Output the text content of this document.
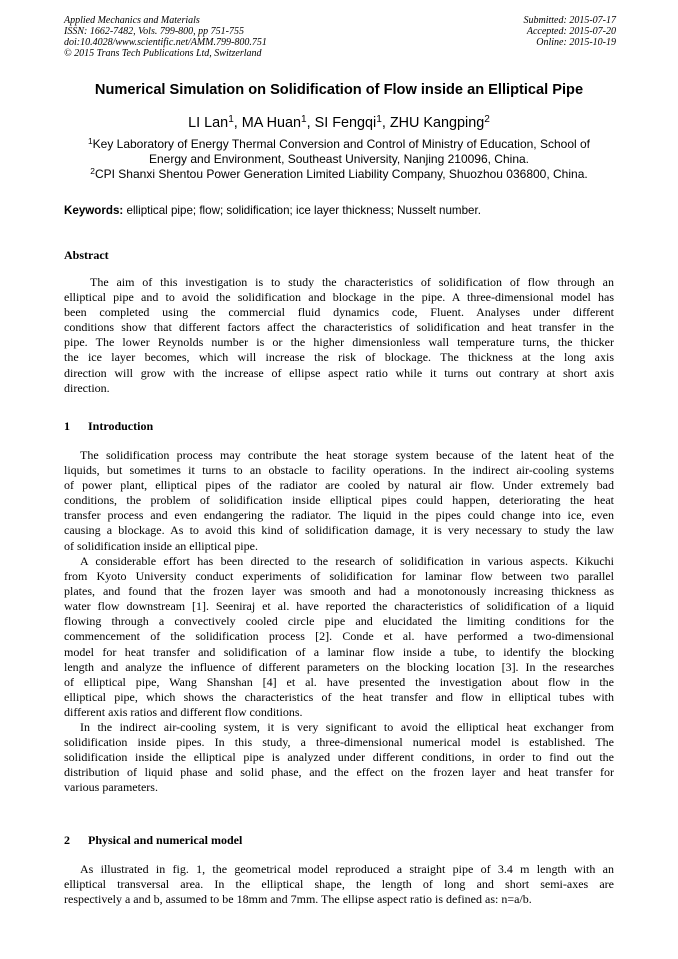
Applied Mechanics and Materials
ISSN: 1662-7482, Vols. 799-800, pp 751-755
doi:10.4028/www.scientific.net/AMM.799-800.751
© 2015 Trans Tech Publications Ltd, Switzerland
Submitted: 2015-07-17
Accepted: 2015-07-20
Online: 2015-10-19
Numerical Simulation on Solidification of Flow inside an Elliptical Pipe
LI Lan$^1$, MA Huan$^1$, SI Fengqi$^1$, ZHU Kangping$^2$
$^1$Key Laboratory of Energy Thermal Conversion and Control of Ministry of Education, School of
Energy and Environment, Southeast University, Nanjing 210096, China.
$^2$CPI Shanxi Shentou Power Generation Limited Liability Company, Shuozhou 036800, China.
Keywords: elliptical pipe; flow; solidification; ice layer thickness; Nusselt number.
Abstract
The aim of this investigation is to study the characteristics of solidification of flow through an
elliptical pipe and to avoid the solidification and blockage in the pipe. A three-dimensional model has
been completed using the commercial fluid dynamics code, Fluent. Analyses under different
conditions show that different factors affect the characteristics of solidification and heat transfer in the
pipe. The lower Reynolds number is or the higher dimensionless wall temperature turns, the thicker
the ice layer becomes, which will increase the risk of blockage. The thickness at the long axis
direction will grow with the increase of ellipse aspect ratio while it turns out contrary at short axis
direction.
1 Introduction
The solidification process may contribute the heat storage system because of the latent heat of the
liquids, but sometimes it turns to an obstacle to facility operations. In the indirect air-cooling systems
of power plant, elliptical pipes of the radiator are cooled by natural air flow. Under extremely bad
conditions, the problem of solidification inside elliptical pipes could happen, deteriorating the heat
transfer process and even endangering the radiator. The liquid in the pipes could change into ice, even
causing a blockage. As to avoid this kind of solidification damage, it is very necessary to study the law
of solidification inside an elliptical pipe.
A considerable effort has been directed to the research of solidification in various aspects. Kikuchi
from Kyoto University conduct experiments of solidification for laminar flow between two parallel
plates, and found that the frozen layer was smooth and had a monotonously increasing thickness as
water flow downstream [1]. Seeniraj et al. have reported the characteristics of solidification of a liquid
flowing through a convectively cooled circle pipe and elucidated the limiting conditions for the
commencement of the solidification process [2]. Conde et al. have performed a two-dimensional
model for heat transfer and solidification of a laminar flow inside a tube, to identify the blocking
length and analyze the influence of different parameters on the blocking location [3]. In the researches
of elliptical pipe, Wang Shanshan [4] et al. have presented the investigation about flow in the
elliptical pipe, which shows the characteristics of the heat transfer and flow in elliptical tubes with
different axis ratios and different flow conditions.
In the indirect air-cooling system, it is very significant to avoid the elliptical heat exchanger from
solidification inside pipes. In this study, a three-dimensional numerical model is established. The
solidification inside the elliptical pipe is analyzed under different conditions, in order to find out the
distribution of liquid phase and solid phase, and the effect on the frozen layer and heat transfer for
various parameters.
2 Physical and numerical model
As illustrated in fig. 1, the geometrical model reproduced a straight pipe of 3.4 m length with an
elliptical transversal area. In the elliptical shape, the length of long and short semi-axes are
respectively a and b, assumed to be 18mm and 7mm. The ellipse aspect ratio is defined as: n=a/b.
